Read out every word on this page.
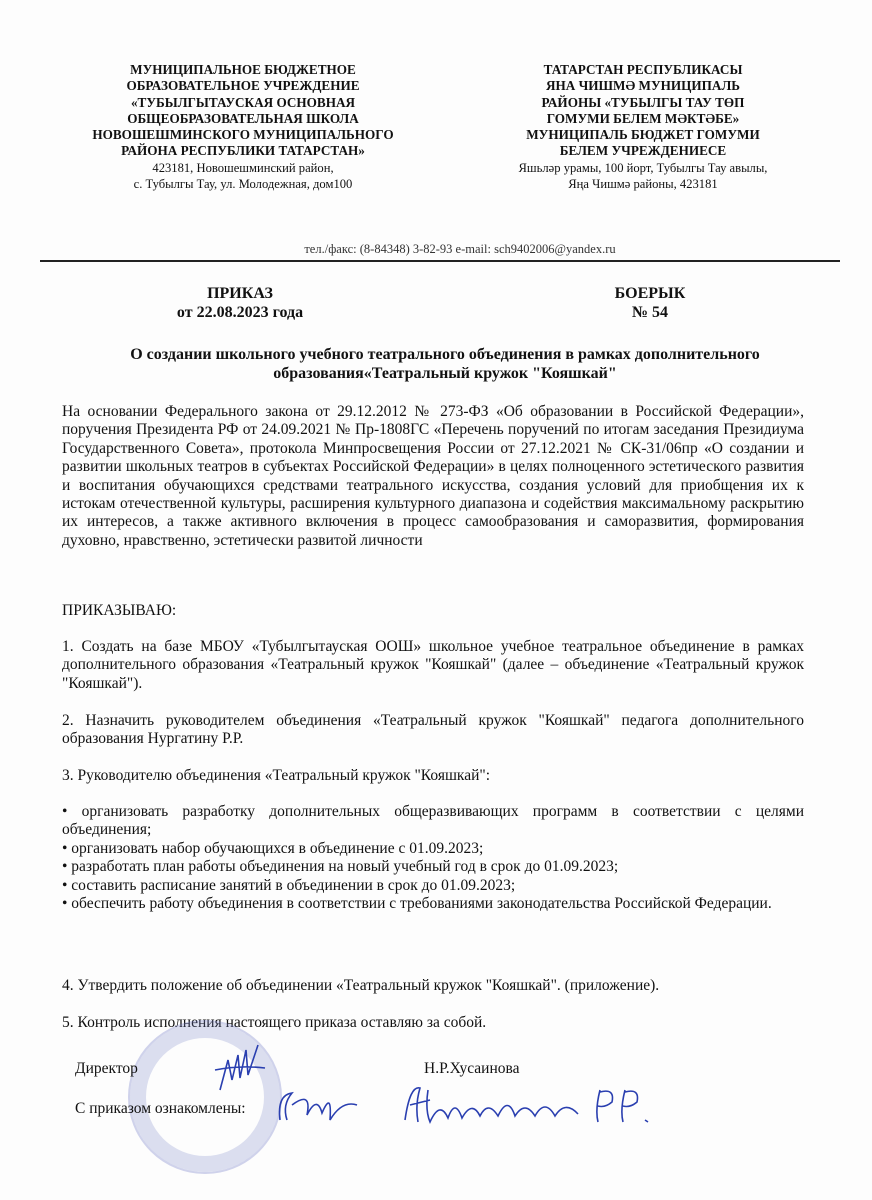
МУНИЦИПАЛЬНОЕ БЮДЖЕТНОЕ
ОБРАЗОВАТЕЛЬНОЕ УЧРЕЖДЕНИЕ
«ТУБЫЛГЫТАУСКАЯ ОСНОВНАЯ
ОБЩЕОБРАЗОВАТЕЛЬНАЯ ШКОЛА
НОВОШЕШМИНСКОГО МУНИЦИПАЛЬНОГО
РАЙОНА РЕСПУБЛИКИ ТАТАРСТАН»
423181, Новошешминский район,
с. Тубылгы Тау, ул. Молодежная, дом100
ТАТАРСТАН РЕСПУБЛИКАСЫ
ЯНА ЧИШМӘ МУНИЦИПАЛЬ
РАЙОНЫ «ТУБЫЛГЫ ТАУ ТӨП
ГОМУМИ БЕЛЕМ МӘКТӘБЕ»
МУНИЦИПАЛЬ БЮДЖЕТ ГОМУМИ
БЕЛЕМ УЧРЕЖДЕНИЕСЕ
Яшьләр урамы, 100 йорт, Тубылгы Тау авылы,
Яңа Чишмә районы, 423181
тел./факс: (8-84348) 3-82-93 e-mail: sch9402006@yandex.ru
ПРИКАЗ
от 22.08.2023 года
БОЕРЫК
№ 54
О создании школьного учебного театрального объединения в рамках дополнительного образования«Театральный кружок "Кояшкай"
На основании Федерального закона от 29.12.2012 № 273-ФЗ «Об образовании в Российской Федерации», поручения Президента РФ от 24.09.2021 № Пр-1808ГС «Перечень поручений по итогам заседания Президиума Государственного Совета», протокола Минпросвещения России от 27.12.2021 № СК-31/06пр «О создании и развитии школьных театров в субъектах Российской Федерации» в целях полноценного эстетического развития и воспитания обучающихся средствами театрального искусства, создания условий для приобщения их к истокам отечественной культуры, расширения культурного диапазона и содействия максимальному раскрытию их интересов, а также активного включения в процесс самообразования и саморазвития, формирования духовно, нравственно, эстетически развитой личности
ПРИКАЗЫВАЮ:
1. Создать на базе МБОУ «Тубылгытауская ООШ» школьное учебное театральное объединение в рамках дополнительного образования «Театральный кружок "Кояшкай" (далее – объединение «Театральный кружок "Кояшкай").
2. Назначить руководителем объединения «Театральный кружок "Кояшкай" педагога дополнительного образования Нургатину Р.Р.
3. Руководителю объединения «Театральный кружок "Кояшкай":
• организовать разработку дополнительных общеразвивающих программ в соответствии с целями объединения;
• организовать набор обучающихся в объединение с 01.09.2023;
• разработать план работы объединения на новый учебный год в срок до 01.09.2023;
• составить расписание занятий в объединении в срок до 01.09.2023;
• обеспечить работу объединения в соответствии с требованиями законодательства Российской Федерации.
4. Утвердить положение об объединении «Театральный кружок "Кояшкай". (приложение).
5. Контроль исполнения настоящего приказа оставляю за собой.
Директор	Н.Р.Хусаинова
С приказом ознакомлены:
